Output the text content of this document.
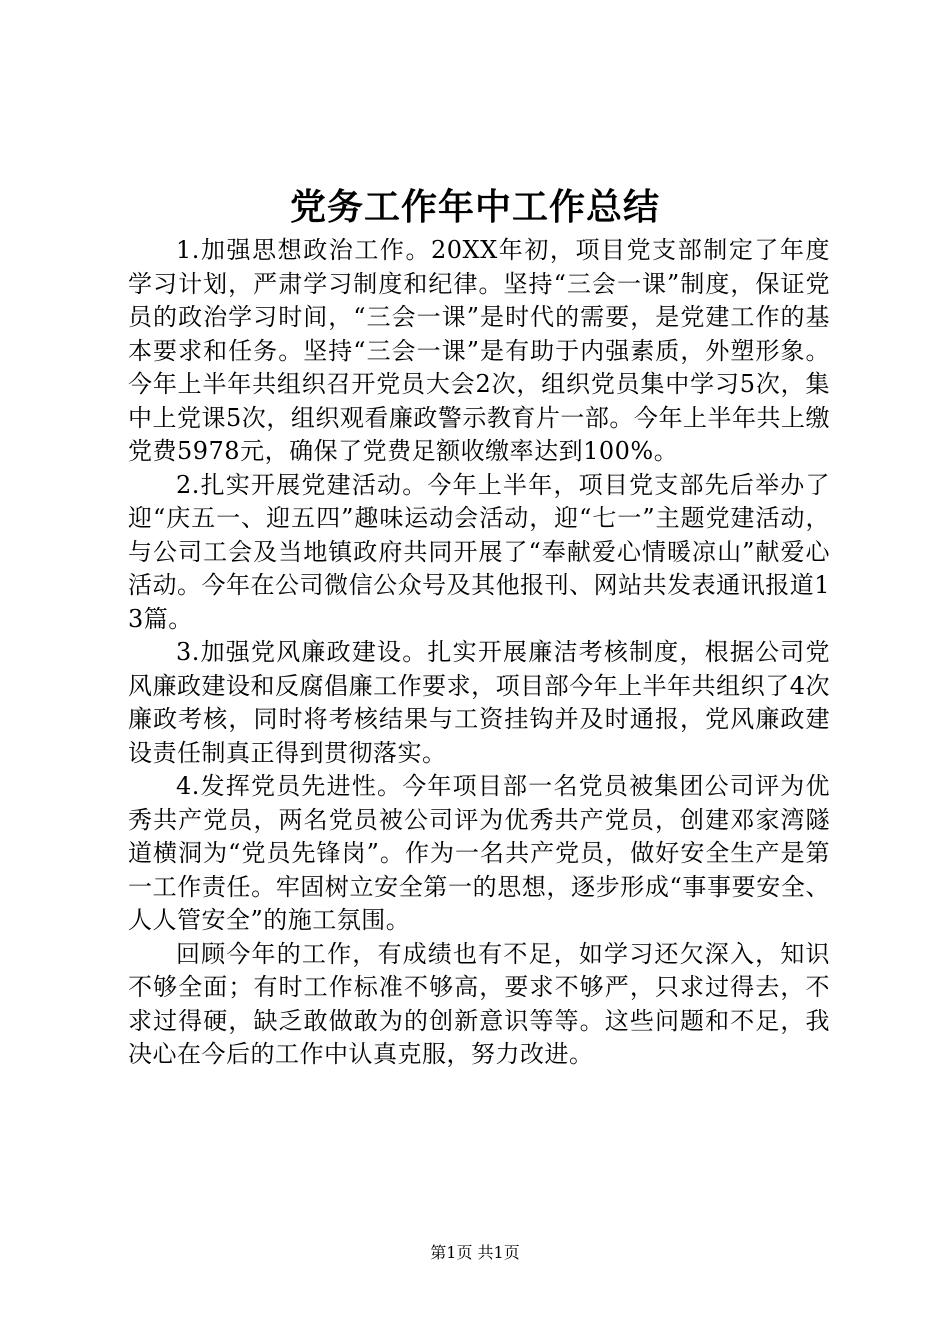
党务工作年中工作总结

1.加强思想政治工作。20XX年初，项目党支部制定了年度学习计划，严肃学习制度和纪律。坚持“三会一课”制度，保证党员的政治学习时间，“三会一课”是时代的需要，是党建工作的基本要求和任务。坚持“三会一课”是有助于内强素质，外塑形象。今年上半年共组织召开党员大会2次，组织党员集中学习5次，集中上党课5次，组织观看廉政警示教育片一部。今年上半年共上缴党费5978元，确保了党费足额收缴率达到100%。

2.扎实开展党建活动。今年上半年，项目党支部先后举办了迎“庆五一、迎五四”趣味运动会活动，迎“七一”主题党建活动，与公司工会及当地镇政府共同开展了“奉献爱心情暖凉山”献爱心活动。今年在公司微信公众号及其他报刊、网站共发表通讯报道13篇。

3.加强党风廉政建设。扎实开展廉洁考核制度，根据公司党风廉政建设和反腐倡廉工作要求，项目部今年上半年共组织了4次廉政考核，同时将考核结果与工资挂钩并及时通报，党风廉政建设责任制真正得到贯彻落实。

4.发挥党员先进性。今年项目部一名党员被集团公司评为优秀共产党员，两名党员被公司评为优秀共产党员，创建邓家湾隧道横洞为“党员先锋岗”。作为一名共产党员，做好安全生产是第一工作责任。牢固树立安全第一的思想，逐步形成“事事要安全、人人管安全”的施工氛围。

回顾今年的工作，有成绩也有不足，如学习还欠深入，知识不够全面；有时工作标准不够高，要求不够严，只求过得去，不求过得硬，缺乏敢做敢为的创新意识等等。这些问题和不足，我决心在今后的工作中认真克服，努力改进。

第1页 共1页
